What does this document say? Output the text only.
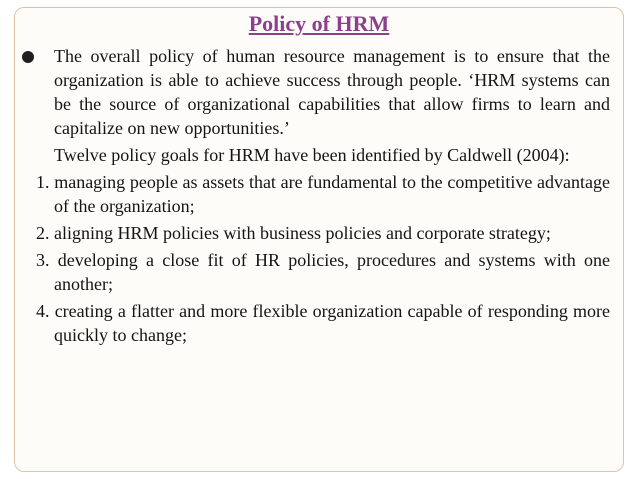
Policy of HRM

The overall policy of human resource management is to ensure that the organization is able to achieve success through people. ‘HRM systems can be the source of organizational capabilities that allow firms to learn and capitalize on new opportunities.’

Twelve policy goals for HRM have been identified by Caldwell (2004):

1. managing people as assets that are fundamental to the competitive advantage of the organization;

2. aligning HRM policies with business policies and corporate strategy;

3. developing a close fit of HR policies, procedures and systems with one another;

4. creating a flatter and more flexible organization capable of responding more quickly to change;
